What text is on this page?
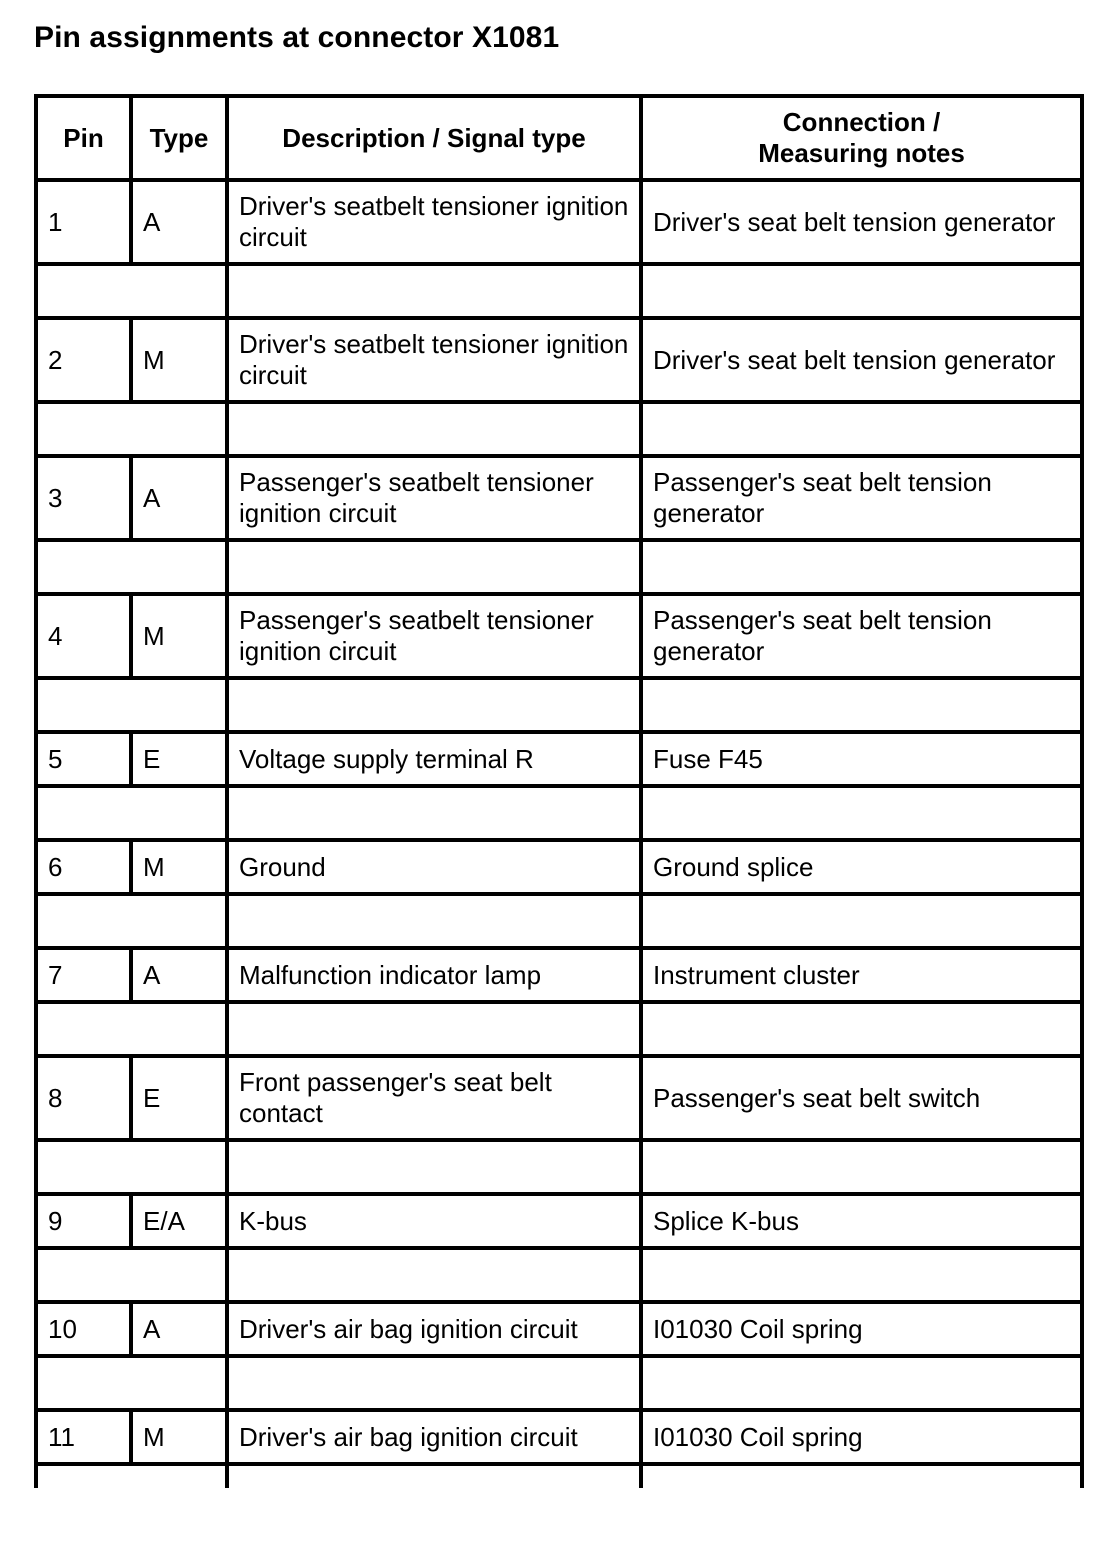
Pin assignments at connector X1081
Pin	Type	Description / Signal type	Connection /
Measuring notes
1	A	Driver's seatbelt tensioner ignition circuit	Driver's seat belt tension generator

2	M	Driver's seatbelt tensioner ignition circuit	Driver's seat belt tension generator

3	A	Passenger's seatbelt tensioner ignition circuit	Passenger's seat belt tension generator

4	M	Passenger's seatbelt tensioner ignition circuit	Passenger's seat belt tension generator

5	E	Voltage supply terminal R	Fuse F45

6	M	Ground	Ground splice

7	A	Malfunction indicator lamp	Instrument cluster

8	E	Front passenger's seat belt contact	Passenger's seat belt switch

9	E/A	K-bus	Splice K-bus

10	A	Driver's air bag ignition circuit	I01030 Coil spring

11	M	Driver's air bag ignition circuit	I01030 Coil spring
